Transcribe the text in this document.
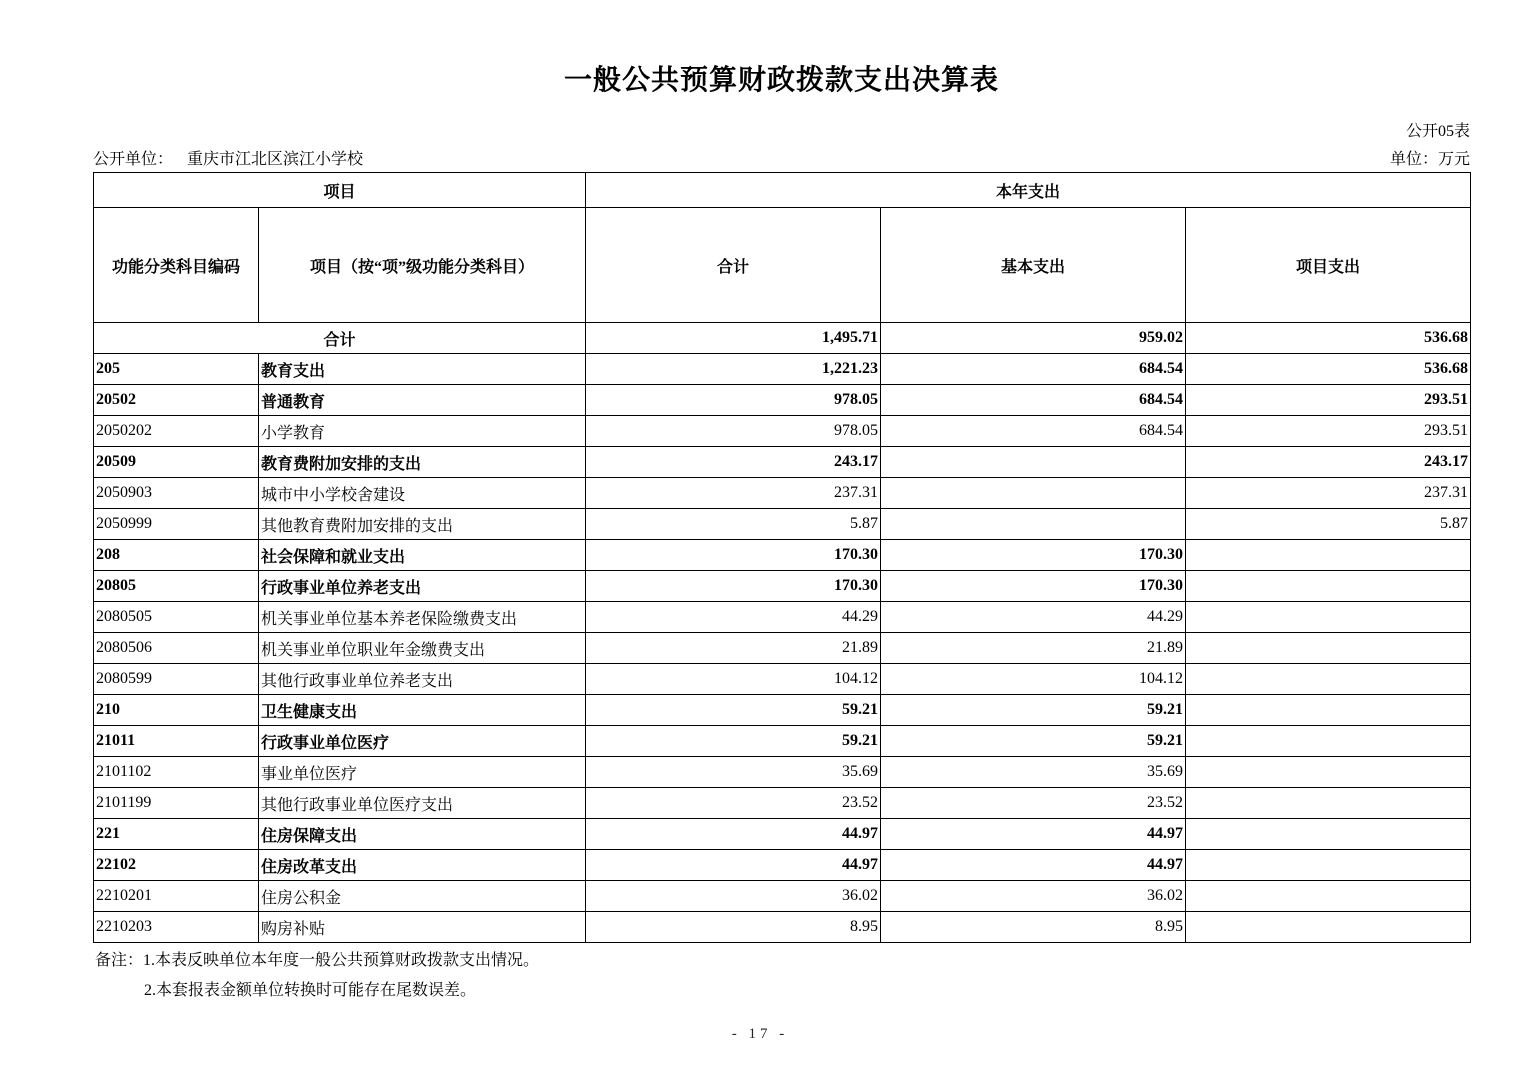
一般公共预算财政拨款支出决算表
公开05表
公开单位： 重庆市江北区滨江小学校	单位：万元
项目		本年支出		
功能分类科目编码	项目（按“项”级功能分类科目）	合计	基本支出	项目支出
合计		1,495.71	959.02	536.68
205	教育支出	1,221.23	684.54	536.68
20502	普通教育	978.05	684.54	293.51
2050202	小学教育	978.05	684.54	293.51
20509	教育费附加安排的支出	243.17		243.17
2050903	城市中小学校舍建设	237.31		237.31
2050999	其他教育费附加安排的支出	5.87		5.87
208	社会保障和就业支出	170.30	170.30	
20805	行政事业单位养老支出	170.30	170.30	
2080505	机关事业单位基本养老保险缴费支出	44.29	44.29	
2080506	机关事业单位职业年金缴费支出	21.89	21.89	
2080599	其他行政事业单位养老支出	104.12	104.12	
210	卫生健康支出	59.21	59.21	
21011	行政事业单位医疗	59.21	59.21	
2101102	事业单位医疗	35.69	35.69	
2101199	其他行政事业单位医疗支出	23.52	23.52	
221	住房保障支出	44.97	44.97	
22102	住房改革支出	44.97	44.97	
2210201	住房公积金	36.02	36.02	
2210203	购房补贴	8.95	8.95	
备注：1.本表反映单位本年度一般公共预算财政拨款支出情况。
2.本套报表金额单位转换时可能存在尾数误差。
- 17 -
